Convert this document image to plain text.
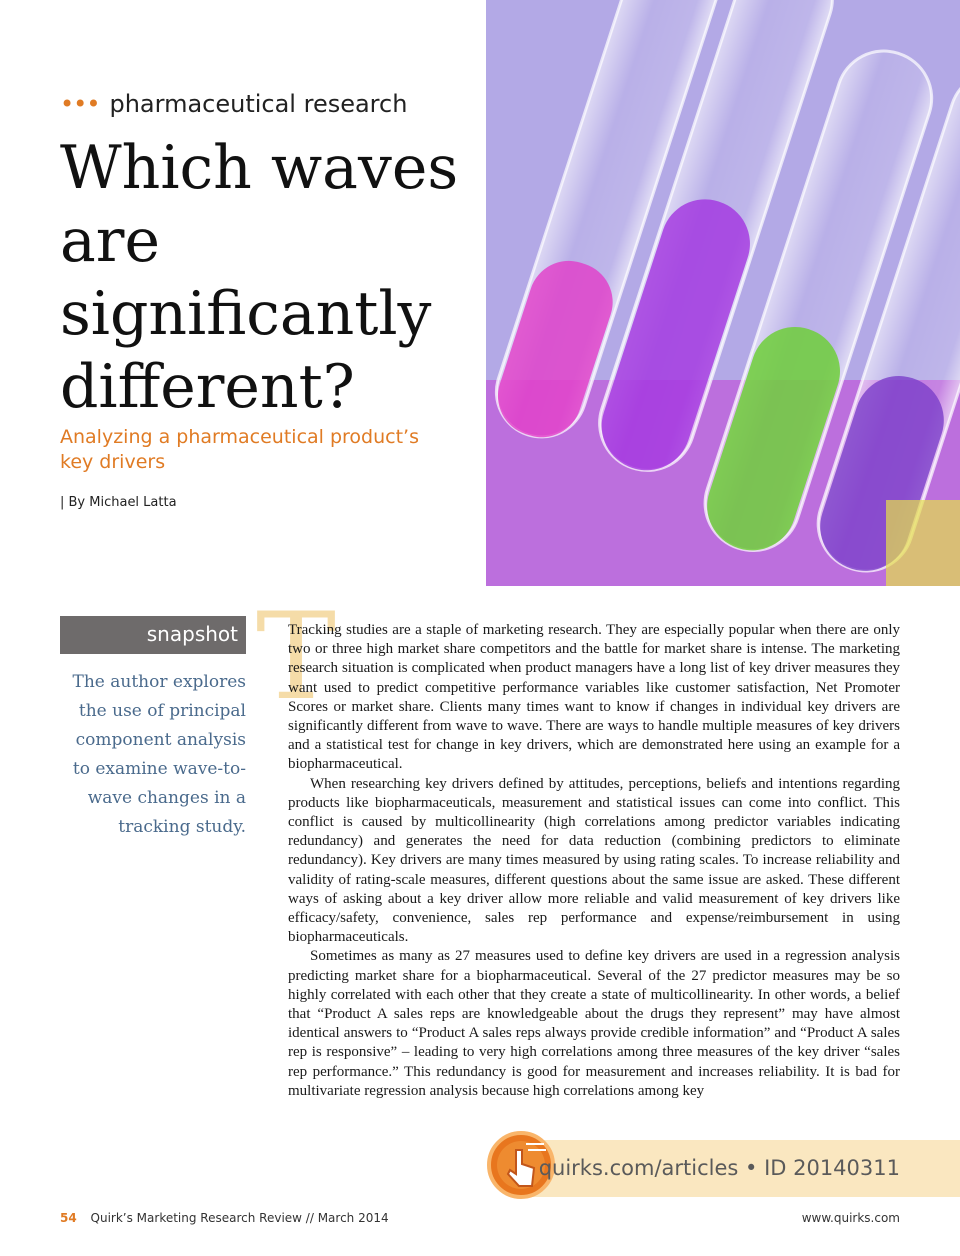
••• pharmaceutical research
Which waves are significantly different?
Analyzing a pharmaceutical product’s key drivers
| By Michael Latta
snapshot
The author explores the use of principal component analysis to examine wave-to-wave changes in a tracking study.
T

Tracking studies are a staple of marketing research. They are especially popular when there are only two or three high market share competitors and the battle for market share is intense. The marketing research situation is complicated when product managers have a long list of key driver measures they want used to predict competitive performance variables like customer satisfaction, Net Promoter Scores or market share. Clients many times want to know if changes in individual key drivers are significantly different from wave to wave. There are ways to handle multiple measures of key drivers and a statistical test for change in key drivers, which are demonstrated here using an example for a biopharmaceutical.

When researching key drivers defined by attitudes, perceptions, beliefs and intentions regarding products like biopharmaceuticals, measurement and statistical issues can come into conflict. This conflict is caused by multicollinearity (high correlations among predictor variables indicating redundancy) and generates the need for data reduction (combining predictors to eliminate redundancy). Key drivers are many times measured by using rating scales. To increase reliability and validity of rating-scale measures, different questions about the same issue are asked. These different ways of asking about a key driver allow more reliable and valid measurement of key drivers like efficacy/safety, convenience, sales rep performance and expense/reimbursement in using biopharmaceuticals.

Sometimes as many as 27 measures used to define key drivers are used in a regression analysis predicting market share for a biopharmaceutical. Several of the 27 predictor measures may be so highly correlated with each other that they create a state of multicollinearity. In other words, a belief that “Product A sales reps are knowledgeable about the drugs they represent” may have almost identical answers to “Product A sales reps always provide credible information” and “Product A sales rep is responsive” – leading to very high correlations among three measures of the key driver “sales rep performance.” This redundancy is good for measurement and increases reliability. It is bad for multivariate regression analysis because high correlations among key

quirks.com/articles • ID 20140311
54 Quirk’s Marketing Research Review // March 2014	www.quirks.com
